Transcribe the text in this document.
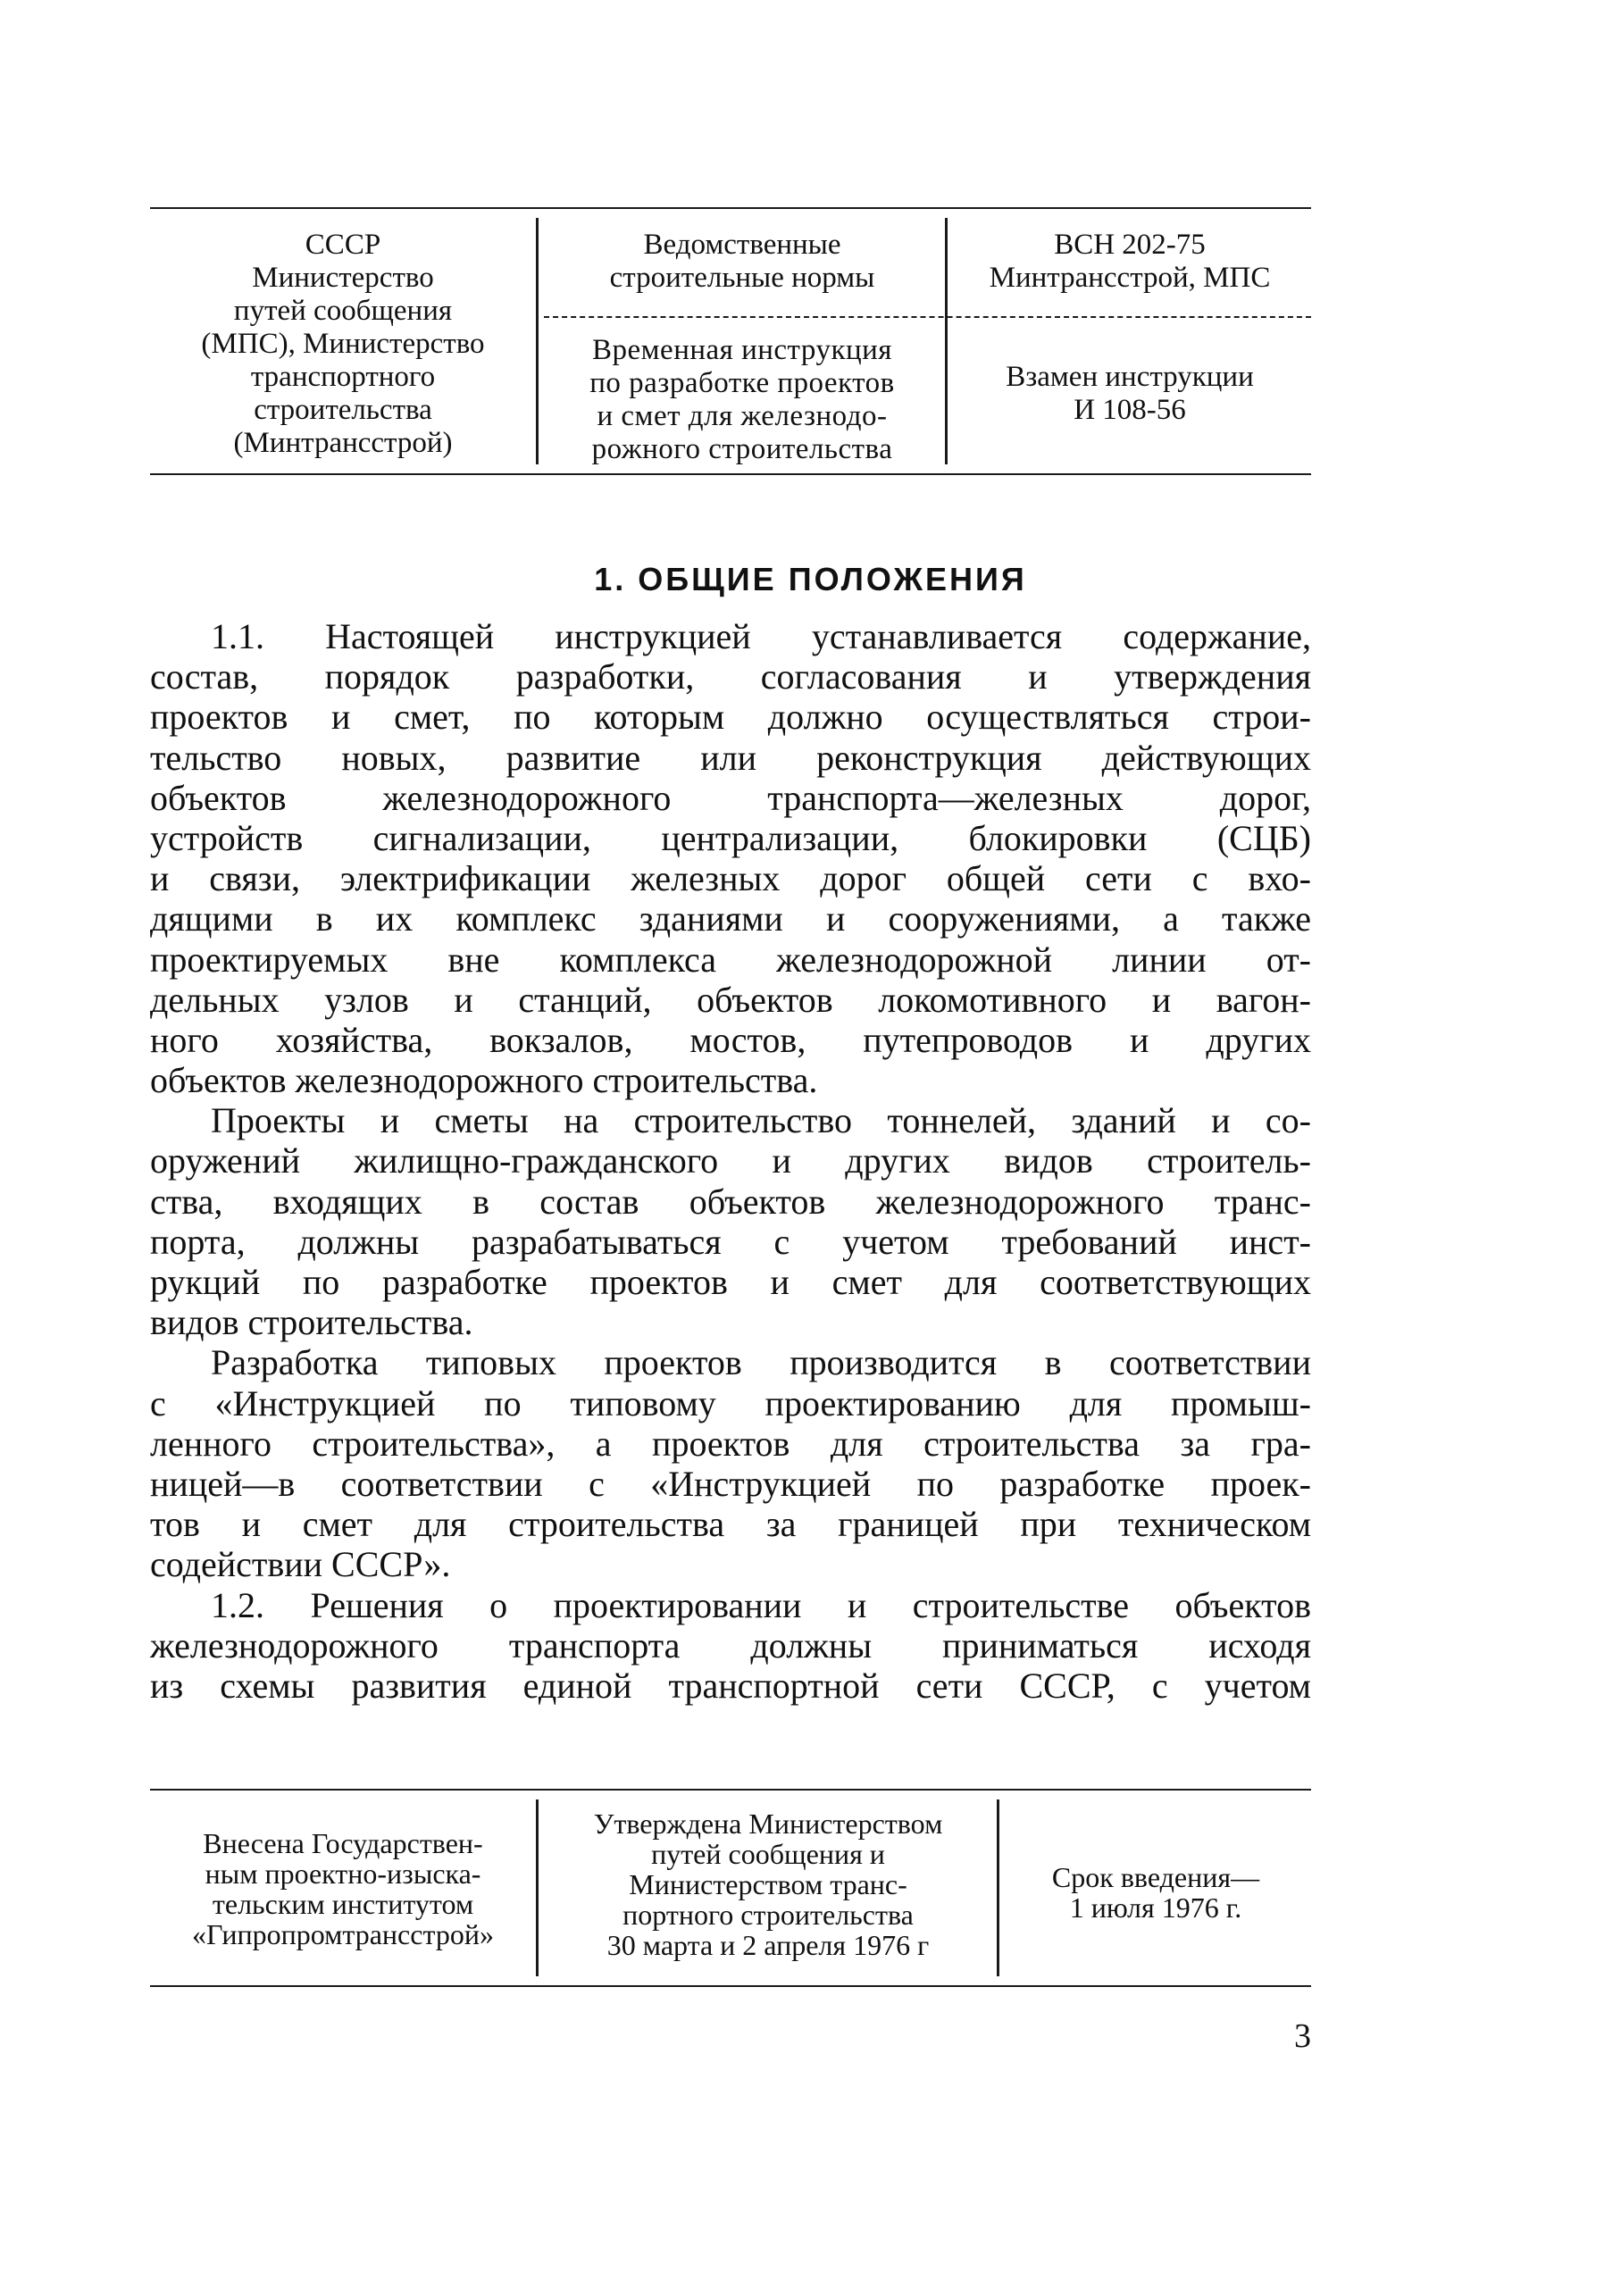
СССР
Министерство
путей сообщения
(МПС), Министерство
транспортного
строительства
(Минтрансстрой)
Ведомственные
строительные нормы
ВСН 202-75
Минтрансстрой, МПС
Временная инструкция
по разработке проектов
и смет для железнодо-
рожного строительства
Взамен инструкции
И 108-56
1. ОБЩИЕ ПОЛОЖЕНИЯ
1.1. Настоящей инструкцией устанавливается содержание,
состав, порядок разработки, согласования и утверждения
проектов и смет, по которым должно осуществляться строи-
тельство новых, развитие или реконструкция действующих
объектов железнодорожного транспорта—железных дорог,
устройств сигнализации, централизации, блокировки (СЦБ)
и связи, электрификации железных дорог общей сети с вхо-
дящими в их комплекс зданиями и сооружениями, а также
проектируемых вне комплекса железнодорожной линии от-
дельных узлов и станций, объектов локомотивного и вагон-
ного хозяйства, вокзалов, мостов, путепроводов и других
объектов железнодорожного строительства.
Проекты и сметы на строительство тоннелей, зданий и со-
оружений жилищно-гражданского и других видов строитель-
ства, входящих в состав объектов железнодорожного транс-
порта, должны разрабатываться с учетом требований инст-
рукций по разработке проектов и смет для соответствующих
видов строительства.
Разработка типовых проектов производится в соответствии
с «Инструкцией по типовому проектированию для промыш-
ленного строительства», а проектов для строительства за гра-
ницей—в соответствии с «Инструкцией по разработке проек-
тов и смет для строительства за границей при техническом
содействии СССР».
1.2. Решения о проектировании и строительстве объектов
железнодорожного транспорта должны приниматься исходя
из схемы развития единой транспортной сети СССР, с учетом
Внесена Государствен-
ным проектно-изыска-
тельским институтом
«Гипропромтрансстрой»
Утверждена Министерством
путей сообщения и
Министерством транс-
портного строительства
30 марта и 2 апреля 1976 г
Срок введения—
1 июля 1976 г.
3
